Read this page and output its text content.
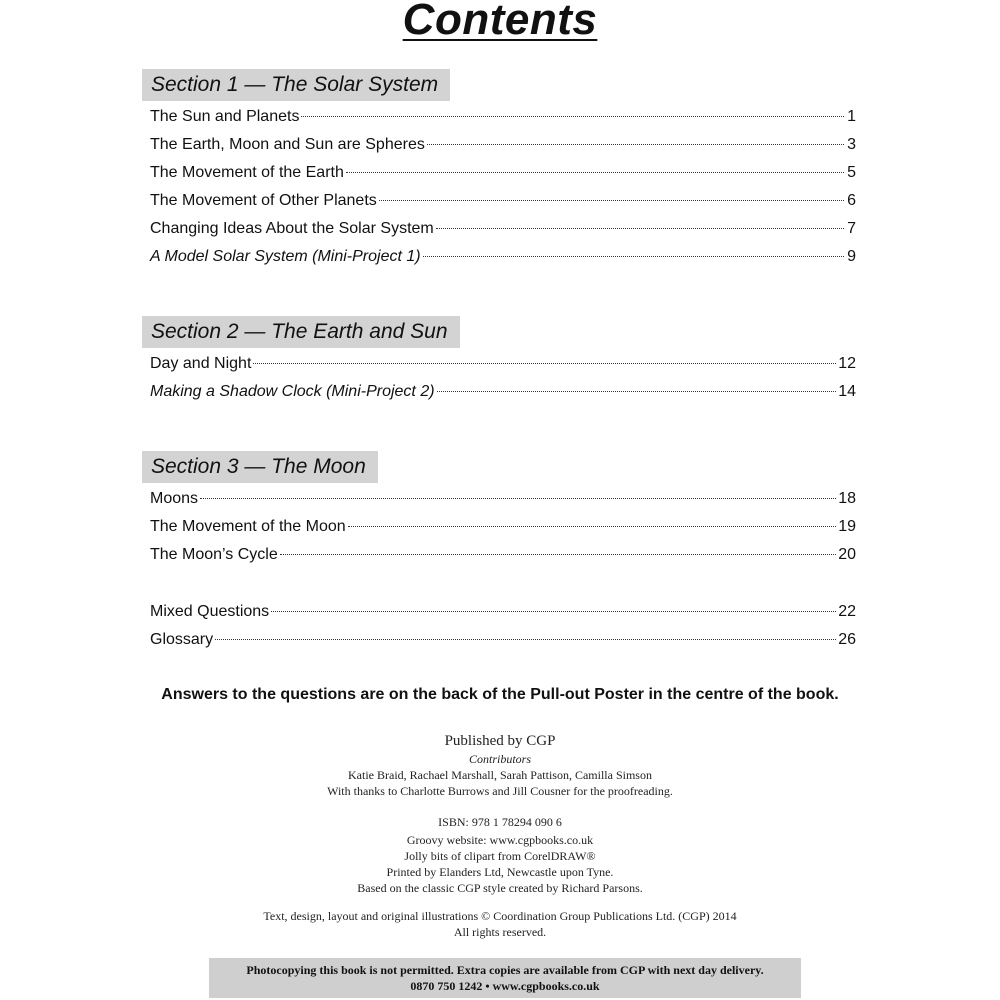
Contents
Section 1 — The Solar System
The Sun and Planets	1
The Earth, Moon and Sun are Spheres	3
The Movement of the Earth	5
The Movement of Other Planets	6
Changing Ideas About the Solar System	7
A Model Solar System (Mini-Project 1)	9
Section 2 — The Earth and Sun
Day and Night	12
Making a Shadow Clock (Mini-Project 2)	14
Section 3 — The Moon
Moons	18
The Movement of the Moon	19
The Moon’s Cycle	20
Mixed Questions	22
Glossary	26
Answers to the questions are on the back of the Pull-out Poster in the centre of the book.
Published by CGP
Contributors
Katie Braid, Rachael Marshall, Sarah Pattison, Camilla Simson
With thanks to Charlotte Burrows and Jill Cousner for the proofreading.
ISBN: 978 1 78294 090 6
Groovy website: www.cgpbooks.co.uk
Jolly bits of clipart from CorelDRAW®
Printed by Elanders Ltd, Newcastle upon Tyne.
Based on the classic CGP style created by Richard Parsons.
Text, design, layout and original illustrations © Coordination Group Publications Ltd. (CGP) 2014
All rights reserved.
Photocopying this book is not permitted. Extra copies are available from CGP with next day delivery.
0870 750 1242 • www.cgpbooks.co.uk
